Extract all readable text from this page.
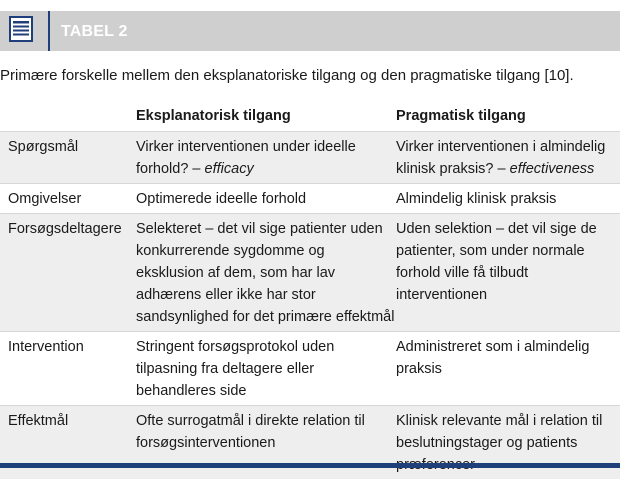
TABEL 2
Primære forskelle mellem den eksplanatoriske tilgang og den pragmatiske tilgang [10].
	Eksplanatorisk tilgang	Pragmatisk tilgang
Spørgsmål	Virker interventionen under ideelle forhold? – efficacy	Virker interventionen i almindelig klinisk praksis? – effectiveness
Omgivelser	Optimerede ideelle forhold	Almindelig klinisk praksis
Forsøgsdeltagere	Selekteret – det vil sige patienter uden konkurrerende sygdomme og eksklusion af dem, som har lav adhærens eller ikke har stor sandsynlighed for det primære effektmål	Uden selektion – det vil sige de patienter, som under normale forhold ville få tilbudt interventionen
Intervention	Stringent forsøgsprotokol uden tilpasning fra deltagere eller behandleres side	Administreret som i almindelig praksis
Effektmål	Ofte surrogatmål i direkte relation til forsøgsinterventionen	Klinisk relevante mål i relation til beslutningstager og patients
